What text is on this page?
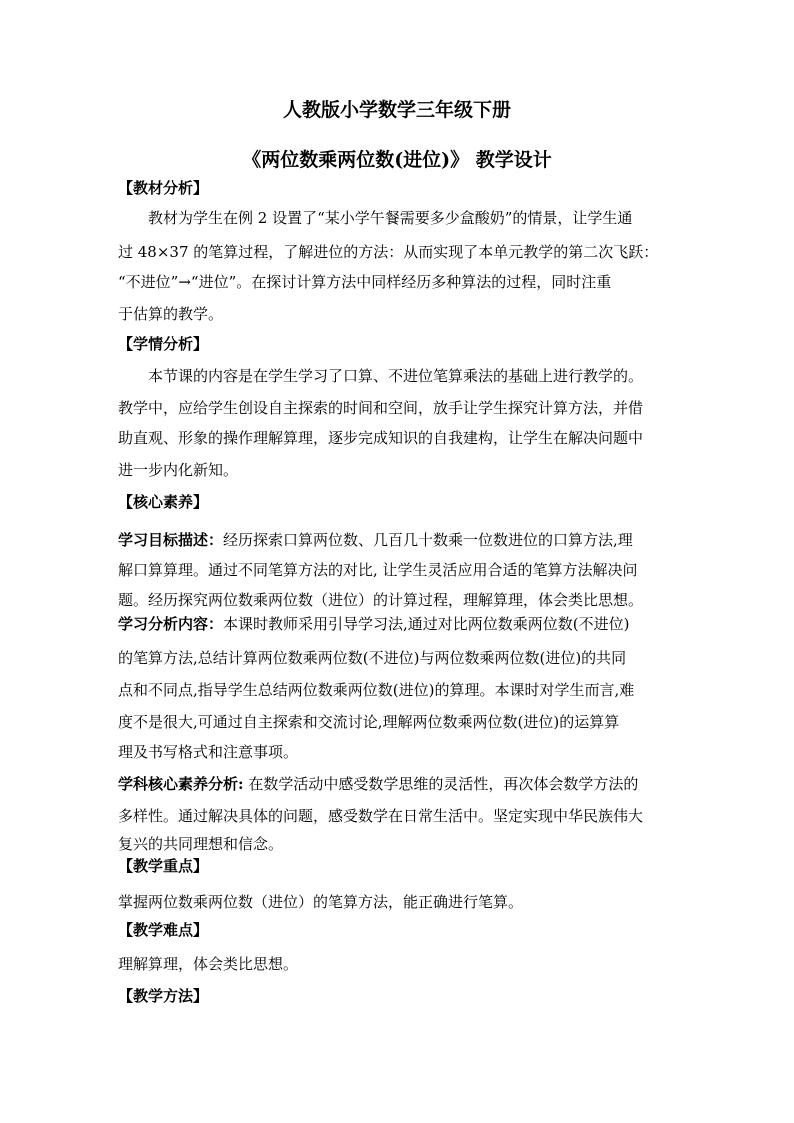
人教版小学数学三年级下册
《两位数乘两位数(进位)》 教学设计
【教材分析】
教材为学生在例 2 设置了“某小学午餐需要多少盒酸奶”的情景，让学生通
过 48×37 的笔算过程，了解进位的方法：从而实现了本单元教学的第二次飞跃：
“不进位”→“进位”。在探讨计算方法中同样经历多种算法的过程，同时注重
于估算的教学。
【学情分析】
本节课的内容是在学生学习了口算、不进位笔算乘法的基础上进行教学的。
教学中，应给学生创设自主探索的时间和空间，放手让学生探究计算方法，并借
助直观、形象的操作理解算理，逐步完成知识的自我建构，让学生在解决问题中
进一步内化新知。
【核心素养】
学习目标描述：经历探索口算两位数、几百几十数乘一位数进位的口算方法,理
解口算算理。通过不同笔算方法的对比, 让学生灵活应用合适的笔算方法解决问
题。经历探究两位数乘两位数（进位）的计算过程，理解算理，体会类比思想。
学习分析内容：本课时教师采用引导学习法,通过对比两位数乘两位数(不进位)
的笔算方法,总结计算两位数乘两位数(不进位)与两位数乘两位数(进位)的共同
点和不同点,指导学生总结两位数乘两位数(进位)的算理。本课时对学生而言,难
度不是很大,可通过自主探索和交流讨论,理解两位数乘两位数(进位)的运算算
理及书写格式和注意事项。
学科核心素养分析: 在数学活动中感受数学思维的灵活性，再次体会数学方法的
多样性。通过解决具体的问题，感受数学在日常生活中。坚定实现中华民族伟大
复兴的共同理想和信念。
【教学重点】
掌握两位数乘两位数（进位）的笔算方法，能正确进行笔算。
【教学难点】
理解算理，体会类比思想。
【教学方法】
